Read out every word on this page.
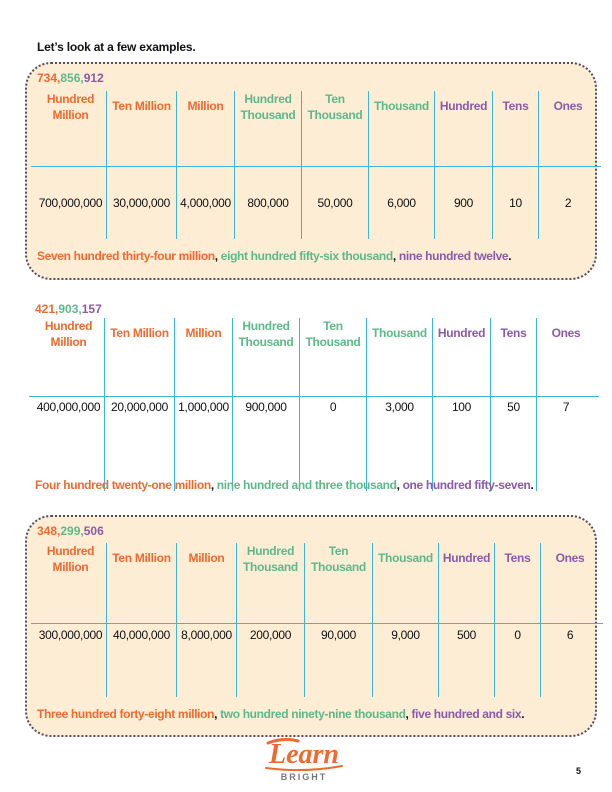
Let’s look at a few examples.
734,856,912
Hundred
Million
700,000,000
Ten Million
30,000,000
Million
4,000,000
Hundred
Thousand
800,000
Ten
Thousand
50,000
Thousand
6,000
Hundred
900
Tens
10
Ones
2
Seven hundred thirty-four million, eight hundred fifty-six thousand, nine hundred twelve.
421,903,157
Hundred
Million
400,000,000
Ten Million
20,000,000
Million
1,000,000
Hundred
Thousand
900,000
Ten
Thousand
0
Thousand
3,000
Hundred
100
Tens
50
Ones
7
Four hundred twenty-one million, nine hundred and three thousand, one hundred fifty-seven.
348,299,506
Hundred
Million
300,000,000
Ten Million
40,000,000
Million
8,000,000
Hundred
Thousand
200,000
Ten
Thousand
90,000
Thousand
9,000
Hundred
500
Tens
0
Ones
6
Three hundred forty-eight million, two hundred ninety-nine thousand, five hundred and six.
Learn
BRIGHT
5
